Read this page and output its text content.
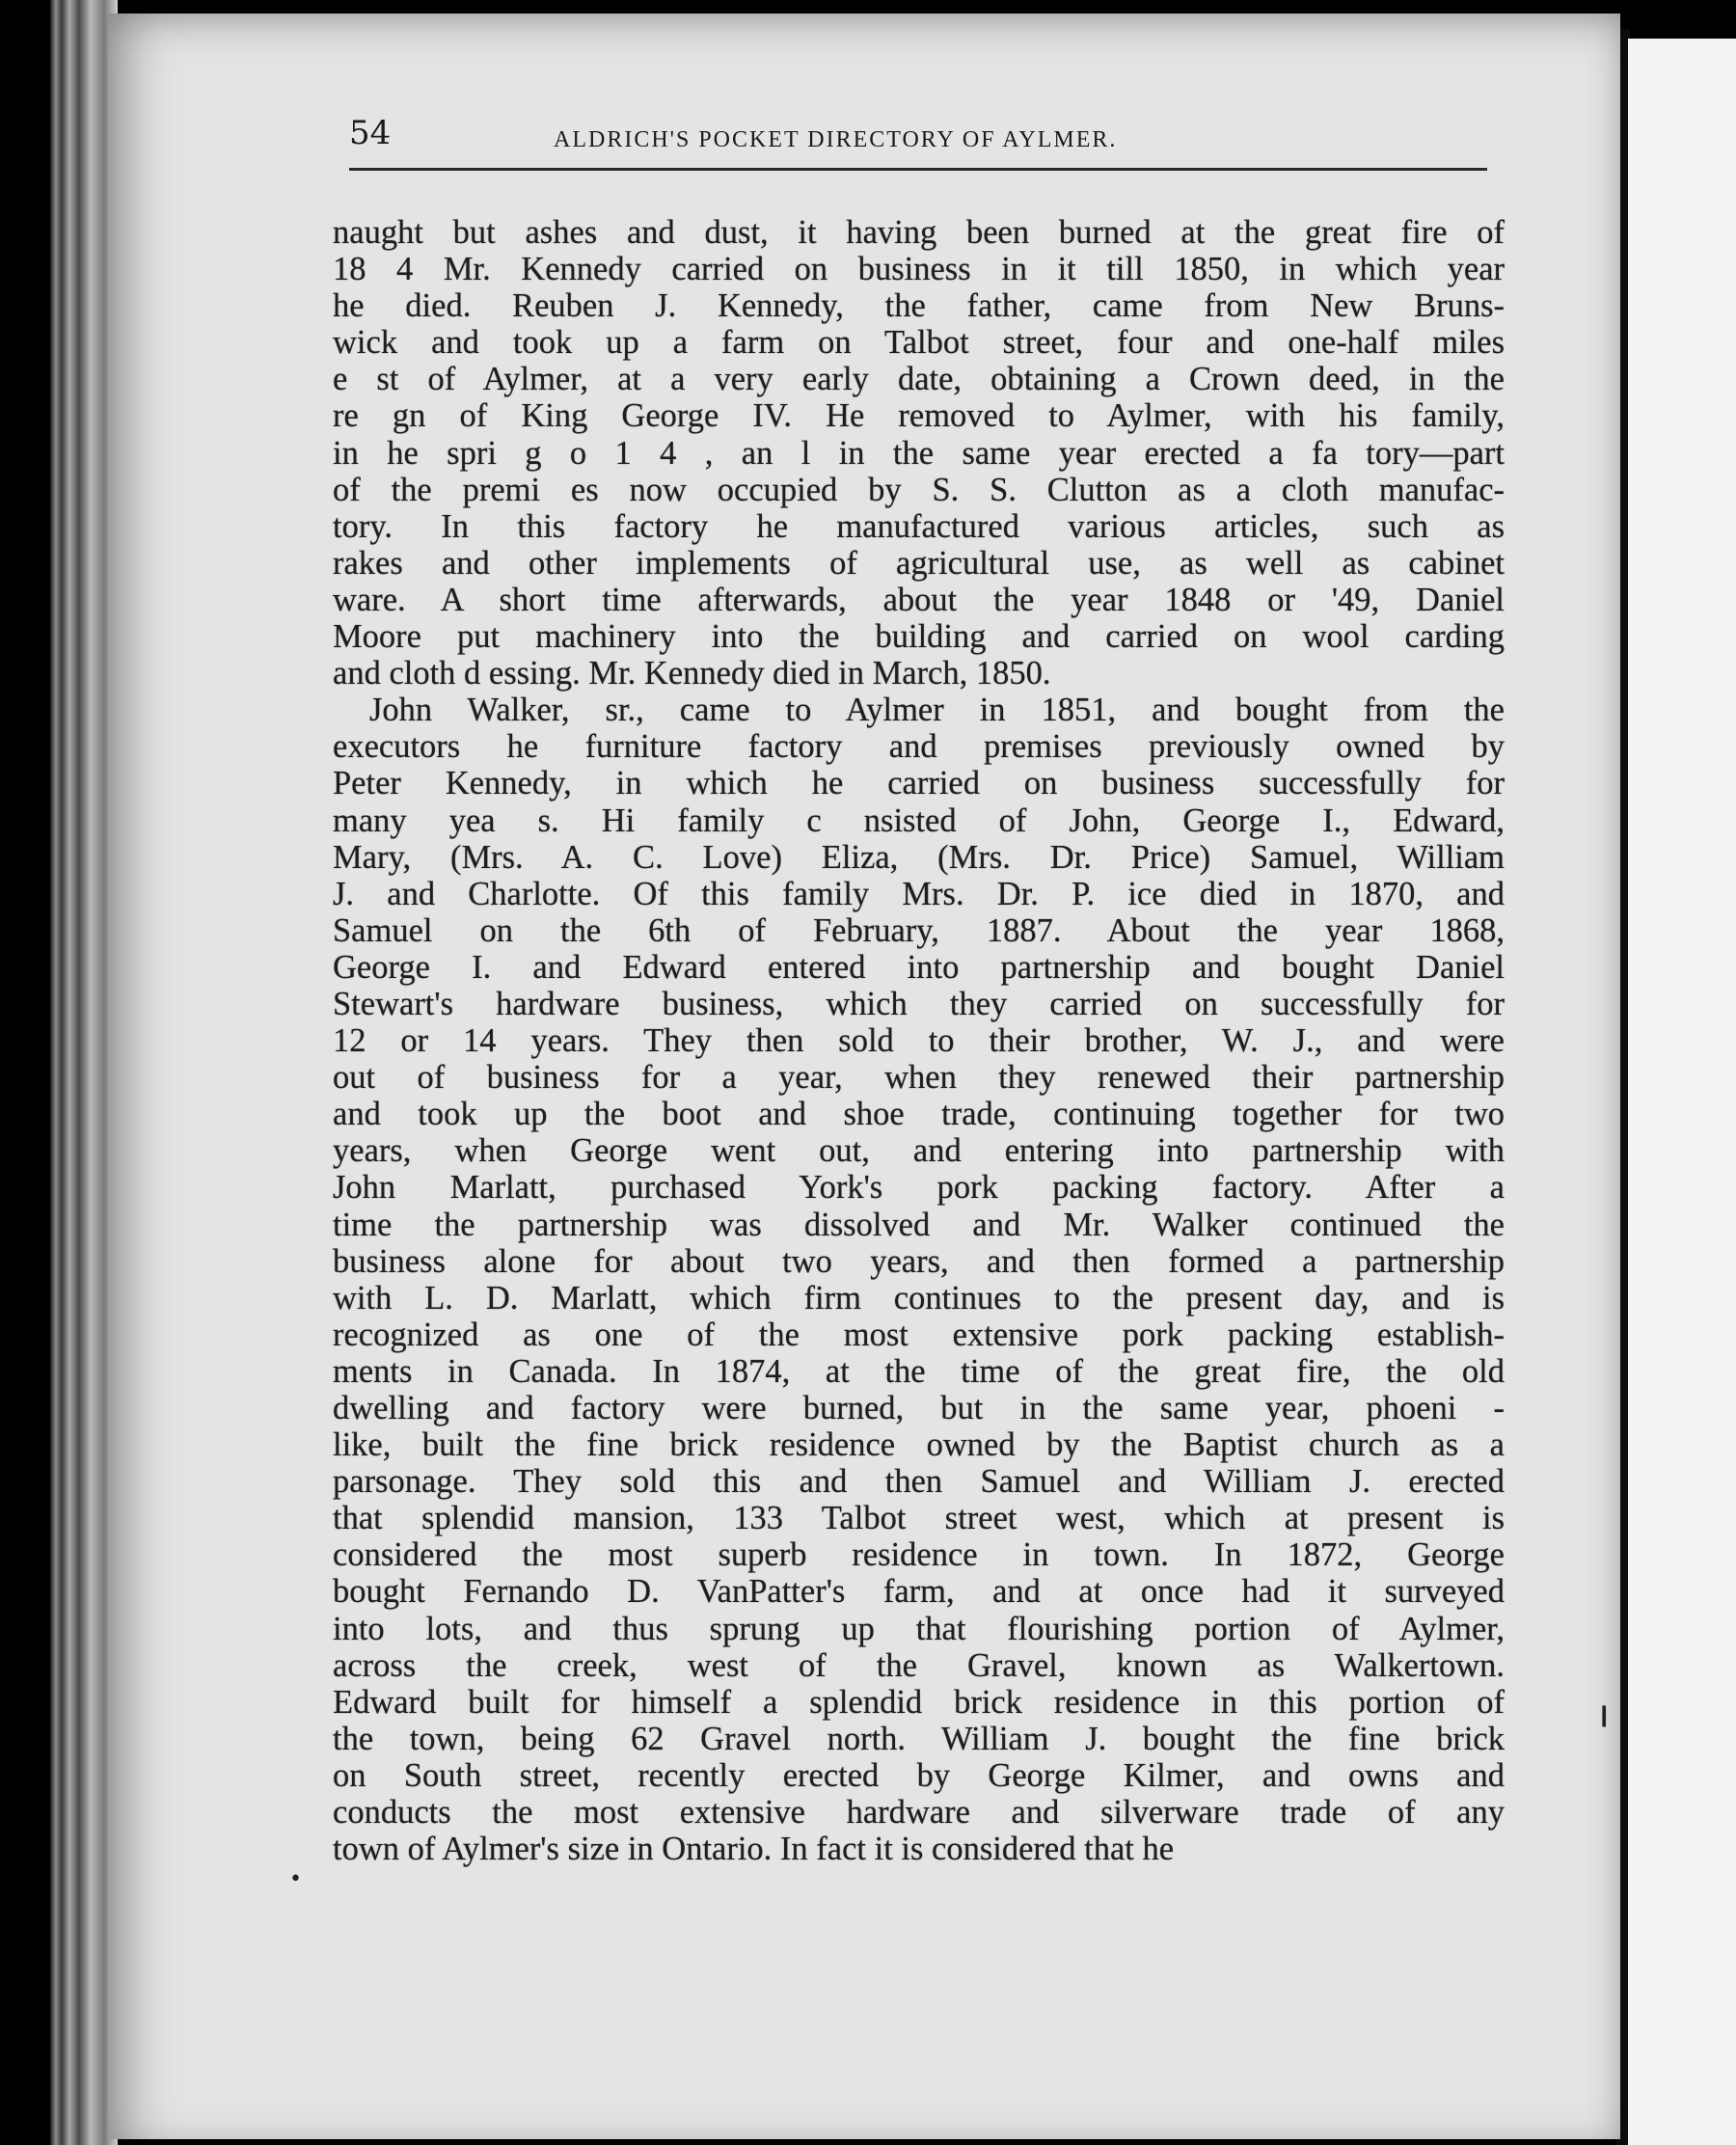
54	ALDRICH'S POCKET DIRECTORY OF AYLMER.
naught but ashes and dust, it having been burned at the great fire of
18 4 Mr. Kennedy carried on business in it till 1850, in which year
he died. Reuben J. Kennedy, the father, came from New Bruns-
wick and took up a farm on Talbot street, four and one-half miles
e st of Aylmer, at a very early date, obtaining a Crown deed, in the
re gn of King George IV. He removed to Aylmer, with his family,
in he spri g o 1 4 , an l in the same year erected a fa tory—part
of the premi es now occupied by S. S. Clutton as a cloth manufac-
tory. In this factory he manufactured various articles, such as
rakes and other implements of agricultural use, as well as cabinet
ware. A short time afterwards, about the year 1848 or '49, Daniel
Moore put machinery into the building and carried on wool carding
and cloth d essing. Mr. Kennedy died in March, 1850.
John Walker, sr., came to Aylmer in 1851, and bought from the
executors he furniture factory and premises previously owned by
Peter Kennedy, in which he carried on business successfully for
many yea s. Hi family c nsisted of John, George I., Edward,
Mary, (Mrs. A. C. Love) Eliza, (Mrs. Dr. Price) Samuel, William
J. and Charlotte. Of this family Mrs. Dr. P. ice died in 1870, and
Samuel on the 6th of February, 1887. About the year 1868,
George I. and Edward entered into partnership and bought Daniel
Stewart's hardware business, which they carried on successfully for
12 or 14 years. They then sold to their brother, W. J., and were
out of business for a year, when they renewed their partnership
and took up the boot and shoe trade, continuing together for two
years, when George went out, and entering into partnership with
John Marlatt, purchased York's pork packing factory. After a
time the partnership was dissolved and Mr. Walker continued the
business alone for about two years, and then formed a partnership
with L. D. Marlatt, which firm continues to the present day, and is
recognized as one of the most extensive pork packing establish-
ments in Canada. In 1874, at the time of the great fire, the old
dwelling and factory were burned, but in the same year, phoeni -
like, built the fine brick residence owned by the Baptist church as a
parsonage. They sold this and then Samuel and William J. erected
that splendid mansion, 133 Talbot street west, which at present is
considered the most superb residence in town. In 1872, George
bought Fernando D. VanPatter's farm, and at once had it surveyed
into lots, and thus sprung up that flourishing portion of Aylmer,
across the creek, west of the Gravel, known as Walkertown.
Edward built for himself a splendid brick residence in this portion of
the town, being 62 Gravel north. William J. bought the fine brick
on South street, recently erected by George Kilmer, and owns and
conducts the most extensive hardware and silverware trade of any
town of Aylmer's size in Ontario. In fact it is considered that he
❙
•
